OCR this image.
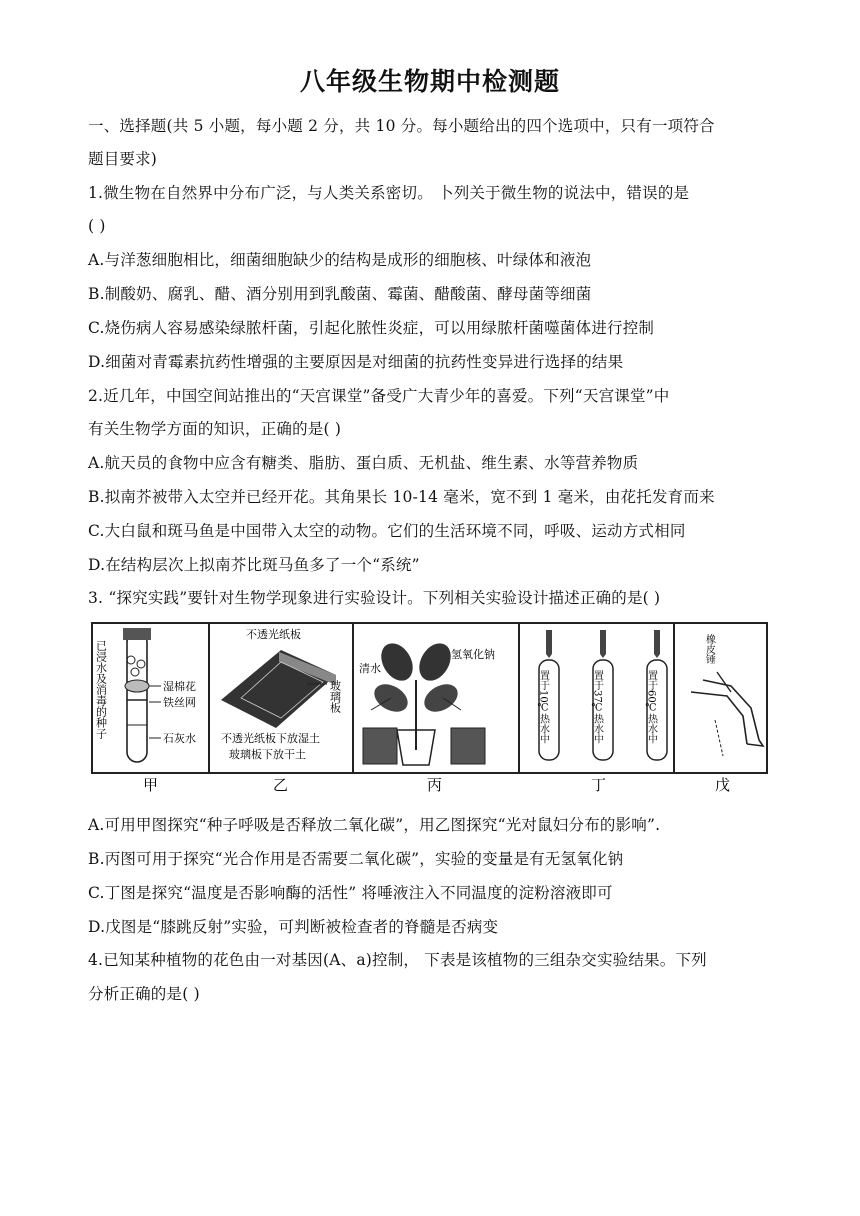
八年级生物期中检测题
一、选择题(共 5 小题，每小题 2 分，共 10 分。每小题给出的四个选项中，只有一项符合
题目要求)
1.微生物在自然界中分布广泛，与人类关系密切。 卜列关于微生物的说法中，错误的是
( )
A.与洋葱细胞相比，细菌细胞缺少的结构是成形的细胞核、叶绿体和液泡
B.制酸奶、腐乳、醋、酒分别用到乳酸菌、霉菌、醋酸菌、酵母菌等细菌
C.烧伤病人容易感染绿脓杆菌，引起化脓性炎症，可以用绿脓杆菌噬菌体进行控制
D.细菌对青霉素抗药性增强的主要原因是对细菌的抗药性变异进行选择的结果
2.近几年，中国空间站推出的“天宫课堂”备受广大青少年的喜爱。下列“天宫课堂”中
有关生物学方面的知识，正确的是( )
A.航天员的食物中应含有糖类、脂肪、蛋白质、无机盐、维生素、水等营养物质
B.拟南芥被带入太空并已经开花。其角果长 10-14 毫米，宽不到 1 毫米，由花托发育而来
C.大白鼠和斑马鱼是中国带入太空的动物。它们的生活环境不同，呼吸、运动方式相同
D.在结构层次上拟南芥比斑马鱼多了一个“系统”
3. “探究实践”要针对生物学现象进行实验设计。下列相关实验设计描述正确的是( )
已浸水及消毒的种子	湿棉花
铁丝网
石灰水
不透光纸板
玻璃板
不透光纸板下放湿土
玻璃板下放干土
清水
氢氧化钠
置于10℃热水中	置于37℃热水中	置于60℃热水中
橡皮锤
甲	乙	丙	丁	戊
A.可用甲图探究“种子呼吸是否释放二氧化碳”，用乙图探究“光对鼠妇分布的影响”.
B.丙图可用于探究“光合作用是否需要二氧化碳”，实验的变量是有无氢氧化钠
C.丁图是探究“温度是否影响酶的活性” 将唾液注入不同温度的淀粉溶液即可
D.戊图是“膝跳反射”实验，可判断被检查者的脊髓是否病变
4.已知某种植物的花色由一对基因(A、a)控制， 下表是该植物的三组杂交实验结果。下列
分析正确的是( )
